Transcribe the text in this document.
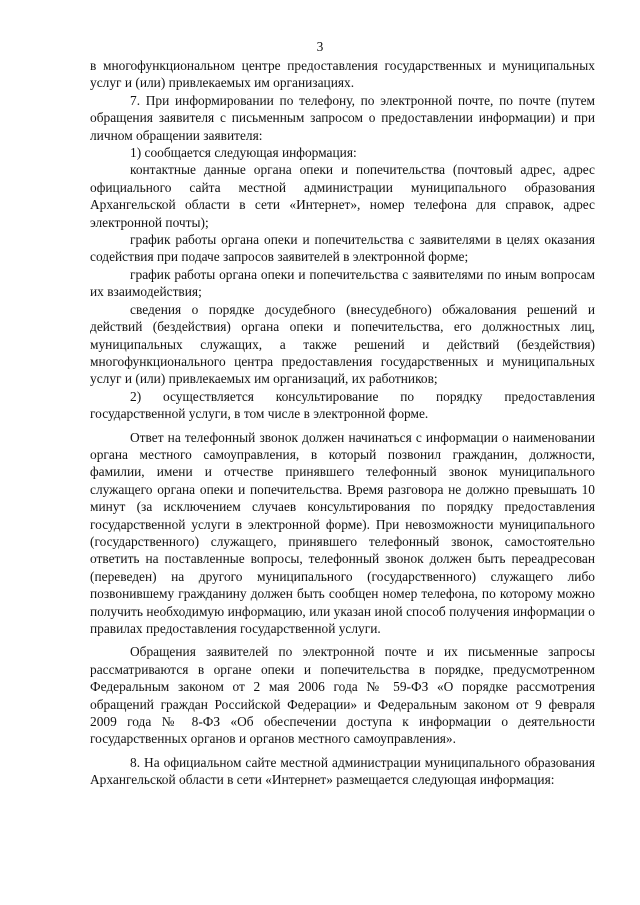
3

в многофункциональном центре предоставления государственных и муниципальных услуг и (или) привлекаемых им организациях.

7. При информировании по телефону, по электронной почте, по почте (путем обращения заявителя с письменным запросом о предоставлении информации) и при личном обращении заявителя:

1) сообщается следующая информация:

контактные данные органа опеки и попечительства (почтовый адрес, адрес официального сайта местной администрации муниципального образования Архангельской области в сети «Интернет», номер телефона для справок, адрес электронной почты);

график работы органа опеки и попечительства с заявителями в целях оказания содействия при подаче запросов заявителей в электронной форме;

график работы органа опеки и попечительства с заявителями по иным вопросам их взаимодействия;

сведения о порядке досудебного (внесудебного) обжалования решений и действий (бездействия) органа опеки и попечительства, его должностных лиц, муниципальных служащих, а также решений и действий (бездействия) многофункционального центра предоставления государственных и муниципальных услуг и (или) привлекаемых им организаций, их работников;

2) осуществляется консультирование по порядку предоставления государственной услуги, в том числе в электронной форме.

Ответ на телефонный звонок должен начинаться с информации о наименовании органа местного самоуправления, в который позвонил гражданин, должности, фамилии, имени и отчестве принявшего телефонный звонок муниципального служащего органа опеки и попечительства. Время разговора не должно превышать 10 минут (за исключением случаев консультирования по порядку предоставления государственной услуги в электронной форме). При невозможности муниципального (государственного) служащего, принявшего телефонный звонок, самостоятельно ответить на поставленные вопросы, телефонный звонок должен быть переадресован (переведен) на другого муниципального (государственного) служащего либо позвонившему гражданину должен быть сообщен номер телефона, по которому можно получить необходимую информацию, или указан иной способ получения информации о правилах предоставления государственной услуги.

Обращения заявителей по электронной почте и их письменные запросы рассматриваются в органе опеки и попечительства в порядке, предусмотренном Федеральным законом от 2 мая 2006 года № 59-ФЗ «О порядке рассмотрения обращений граждан Российской Федерации» и Федеральным законом от 9 февраля 2009 года № 8-ФЗ «Об обеспечении доступа к информации о деятельности государственных органов и органов местного самоуправления».

8. На официальном сайте местной администрации муниципального образования Архангельской области в сети «Интернет» размещается следующая информация:
